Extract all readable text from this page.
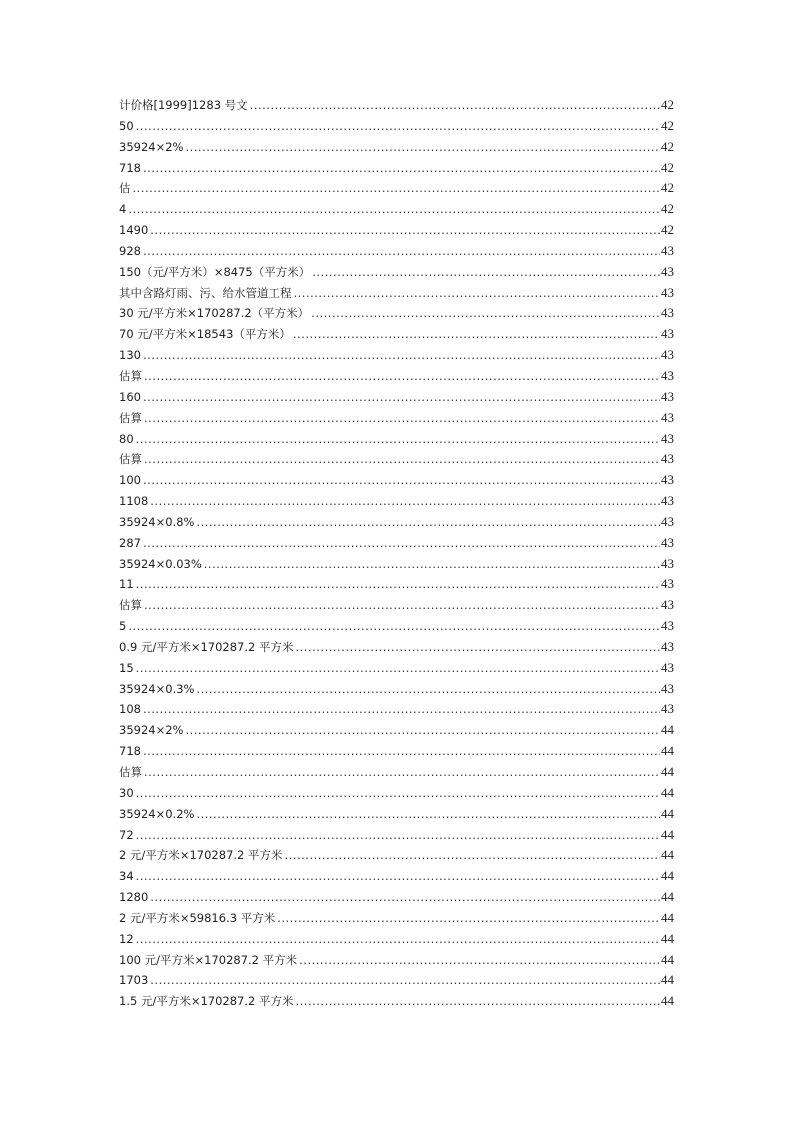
计价格[1999]1283 号文 .....	42
50 .....	42
35924×2% .....	42
718 .....	42
估 .....	42
4 .....	42
1490 .....	42
928 .....	43
150（元/平方米）×8475（平方米） .....	43
其中含路灯雨、污、给水管道工程 .....	43
30 元/平方米×170287.2（平方米） .....	43
70 元/平方米×18543（平方米） .....	43
130 .....	43
估算 .....	43
160 .....	43
估算 .....	43
80 .....	43
估算 .....	43
100 .....	43
1108 .....	43
35924×0.8% .....	43
287 .....	43
35924×0.03% .....	43
11 .....	43
估算 .....	43
5 .....	43
0.9 元/平方米×170287.2 平方米 .....	43
15 .....	43
35924×0.3% .....	43
108 .....	43
35924×2% .....	44
718 .....	44
估算 .....	44
30 .....	44
35924×0.2% .....	44
72 .....	44
2 元/平方米×170287.2 平方米 .....	44
34 .....	44
1280 .....	44
2 元/平方米×59816.3 平方米 .....	44
12 .....	44
100 元/平方米×170287.2 平方米 .....	44
1703 .....	44
1.5 元/平方米×170287.2 平方米 .....	44
